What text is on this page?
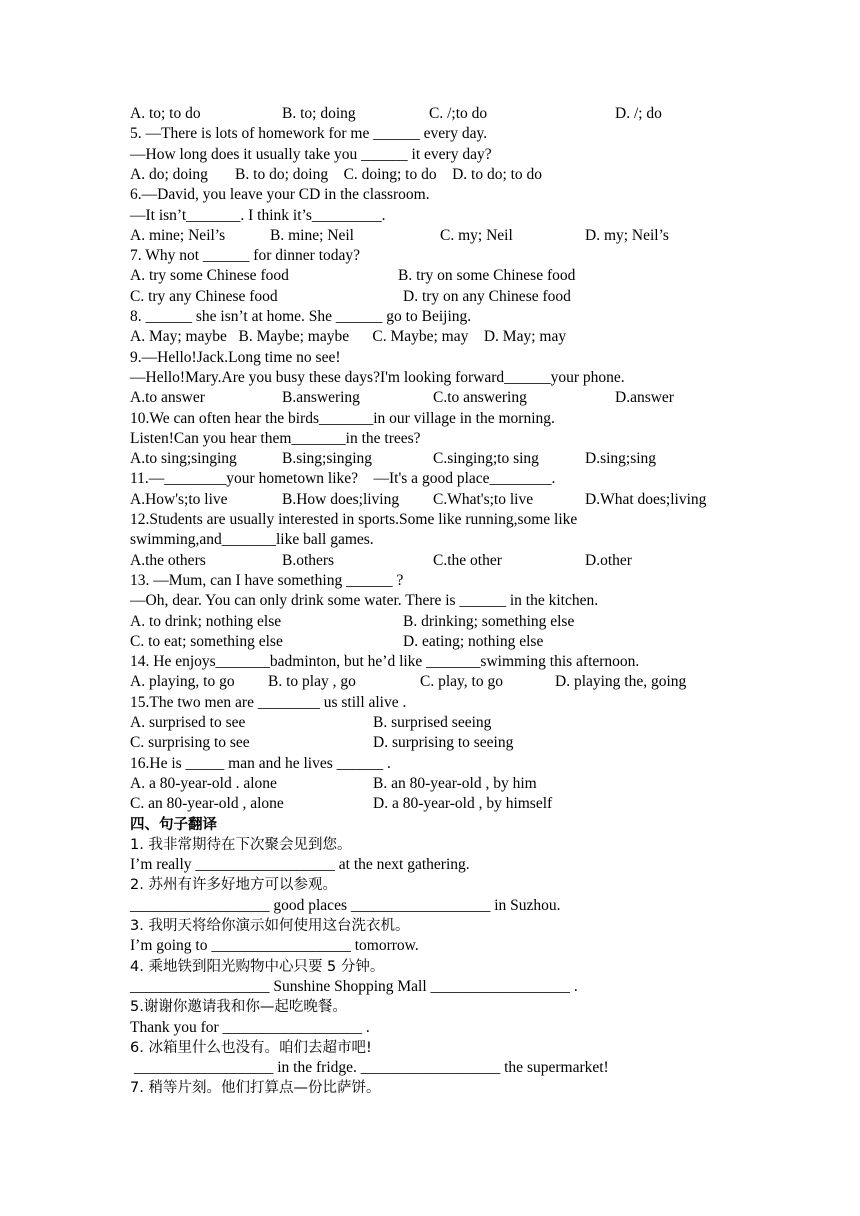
A. to; to do	B. to; doing	C. /;to do	D. /; do
5. —There is lots of homework for me ______ every day.
—How long does it usually take you ______ it every day?
A. do; doing       B. to do; doing    C. doing; to do    D. to do; to do
6.—David, you leave your CD in the classroom.
—It isn’t_______. I think it’s_________.
A. mine; Neil’s	B. mine; Neil	C. my; Neil	D. my; Neil’s
7. Why not ______ for dinner today?
A. try some Chinese food	B. try on some Chinese food
C. try any Chinese food	D. try on any Chinese food
8. ______ she isn’t at home. She ______ go to Beijing.
A. May; maybe   B. Maybe; maybe      C. Maybe; may    D. May; may
9.—Hello!Jack.Long time no see!
—Hello!Mary.Are you busy these days?I'm looking forward______your phone.
A.to answer	B.answering	C.to answering	D.answer
10.We can often hear the birds_______in our village in the morning.
Listen!Can you hear them_______in the trees?
A.to sing;singing	B.sing;singing	C.singing;to sing	D.sing;sing
11.—________your hometown like?    —It's a good place________.
A.How's;to live	B.How does;living C.What's;to live	D.What does;living
12.Students are usually interested in sports.Some like running,some like
swimming,and_______like ball games.
A.the others	B.others	C.the other	D.other
13. —Mum, can I have something ______ ?
—Oh, dear. You can only drink some water. There is ______ in the kitchen.
A. to drink; nothing else	B. drinking; something else
C. to eat; something else	D. eating; nothing else
14. He enjoys_______badminton, but he’d like _______swimming this afternoon.
A. playing, to go B. to play , go	C. play, to go	D. playing the, going
15.The two men are ________ us still alive .
A. surprised to see	B. surprised seeing
C. surprising to see	D. surprising to seeing
16.He is _____ man and he lives ______ .
A. a 80-year-old . alone	B. an 80-year-old , by him
C. an 80-year-old , alone	D. a 80-year-old , by himself
四、句子翻译
1. 我非常期待在下次聚会见到您。
I’m really __________________ at the next gathering.
2. 苏州有许多好地方可以参观。
__________________ good places __________________ in Suzhou.
3. 我明天将给你演示如何使用这台洗衣机。
I’m going to __________________ tomorrow.
4. 乘地铁到阳光购物中心只要 5 分钟。
__________________ Sunshine Shopping Mall __________________ .
5.谢谢你邀请我和你—起吃晚餐。
Thank you for __________________ .
6. 冰箱里什么也没有。咱们去超市吧!
__________________ in the fridge. __________________ the supermarket!
7. 稍等片刻。他们打算点—份比萨饼。
